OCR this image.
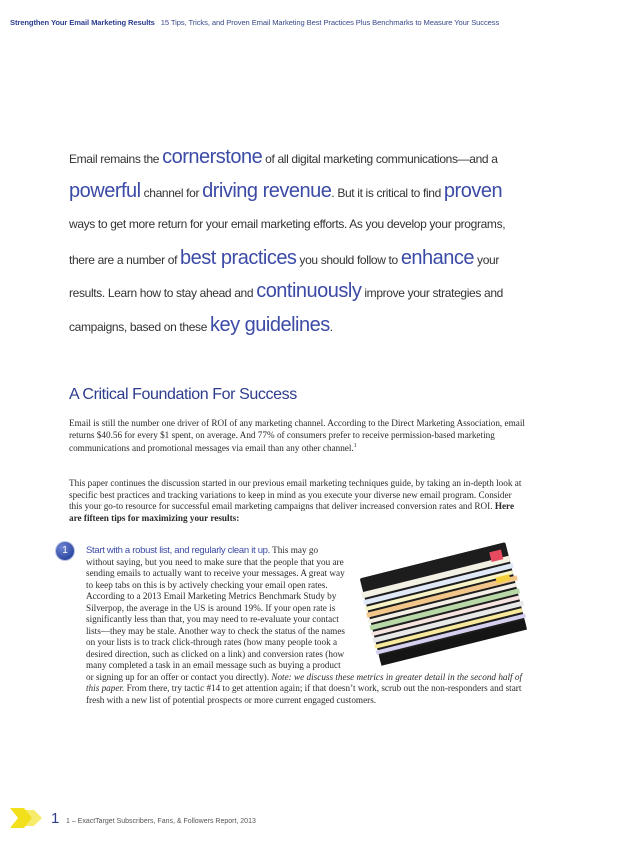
Strengthen Your Email Marketing Results 15 Tips, Tricks, and Proven Email Marketing Best Practices Plus Benchmarks to Measure Your Success
Email remains the cornerstone of all digital marketing communications—and a
powerful channel for driving revenue. But it is critical to find proven
ways to get more return for your email marketing efforts. As you develop your programs,
there are a number of best practices you should follow to enhance your
results. Learn how to stay ahead and continuously improve your strategies and
campaigns, based on these key guidelines.
A Critical Foundation For Success

Email is still the number one driver of ROI of any marketing channel. According to the Direct Marketing Association, email returns $40.56 for every $1 spent, on average. And 77% of consumers prefer to receive permission-based marketing communications and promotional messages via email than any other channel.$^1$

This paper continues the discussion started in our previous email marketing techniques guide, by taking an in-depth look at specific best practices and tracking variations to keep in mind as you execute your diverse new email program. Consider this your go-to resource for successful email marketing campaigns that deliver increased conversion rates and ROI. Here are fifteen tips for maximizing your results:

1	Start with a robust list, and regularly clean it up. This may go without saying, but you need to make sure that the people that you are sending emails to actually want to receive your messages. A great way to keep tabs on this is by actively checking your email open rates. According to a 2013 Email Marketing Metrics Benchmark Study by Silverpop, the average in the US is around 19%. If your open rate is significantly less than that, you may need to re-evaluate your contact lists—they may be stale. Another way to check the status of the names on your lists is to track click-through rates (how many people took a desired direction, such as clicked on a link) and conversion rates (how many completed a task in an email message such as buying a product or signing up for an offer or contact you directly). Note: we discuss these metrics in greater detail in the second half of this paper. From there, try tactic #14 to get attention again; if that doesn’t work, scrub out the non-responders and start fresh with a new list of potential prospects or more current engaged customers.

1 1 – ExactTarget Subscribers, Fans, & Followers Report, 2013
